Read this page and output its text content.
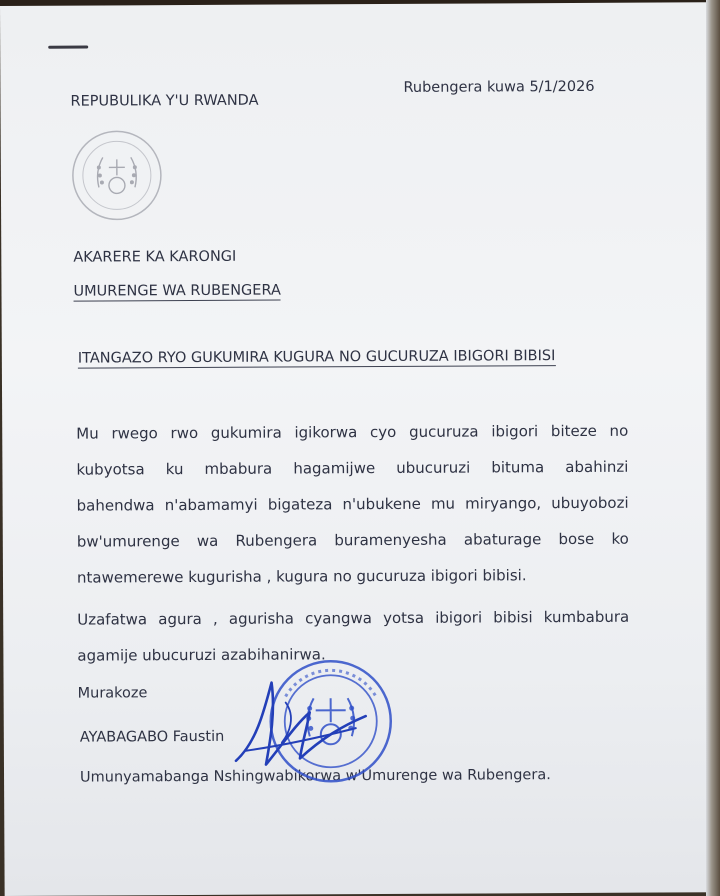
REPUBULIKA Y'U RWANDA
Rubengera kuwa 5/1/2026
AKARERE KA KARONGI
UMURENGE WA RUBENGERA
ITANGAZO RYO GUKUMIRA KUGURA NO GUCURUZA IBIGORI BIBISI
Mu rwego rwo gukumira igikorwa cyo gucuruza ibigori biteze no
kubyotsa ku mbabura hagamijwe ubucuruzi bituma abahinzi
bahendwa n'abamamyi bigateza n'ubukene mu miryango, ubuyobozi
bw'umurenge wa Rubengera buramenyesha abaturage bose ko
ntawemerewe kugurisha , kugura no gucuruza ibigori bibisi.
Uzafatwa agura , agurisha cyangwa yotsa ibigori bibisi kumbabura
agamije ubucuruzi azabihanirwa.
Murakoze
AYABAGABO Faustin
Umunyamabanga Nshingwabikorwa w'Umurenge wa Rubengera.
